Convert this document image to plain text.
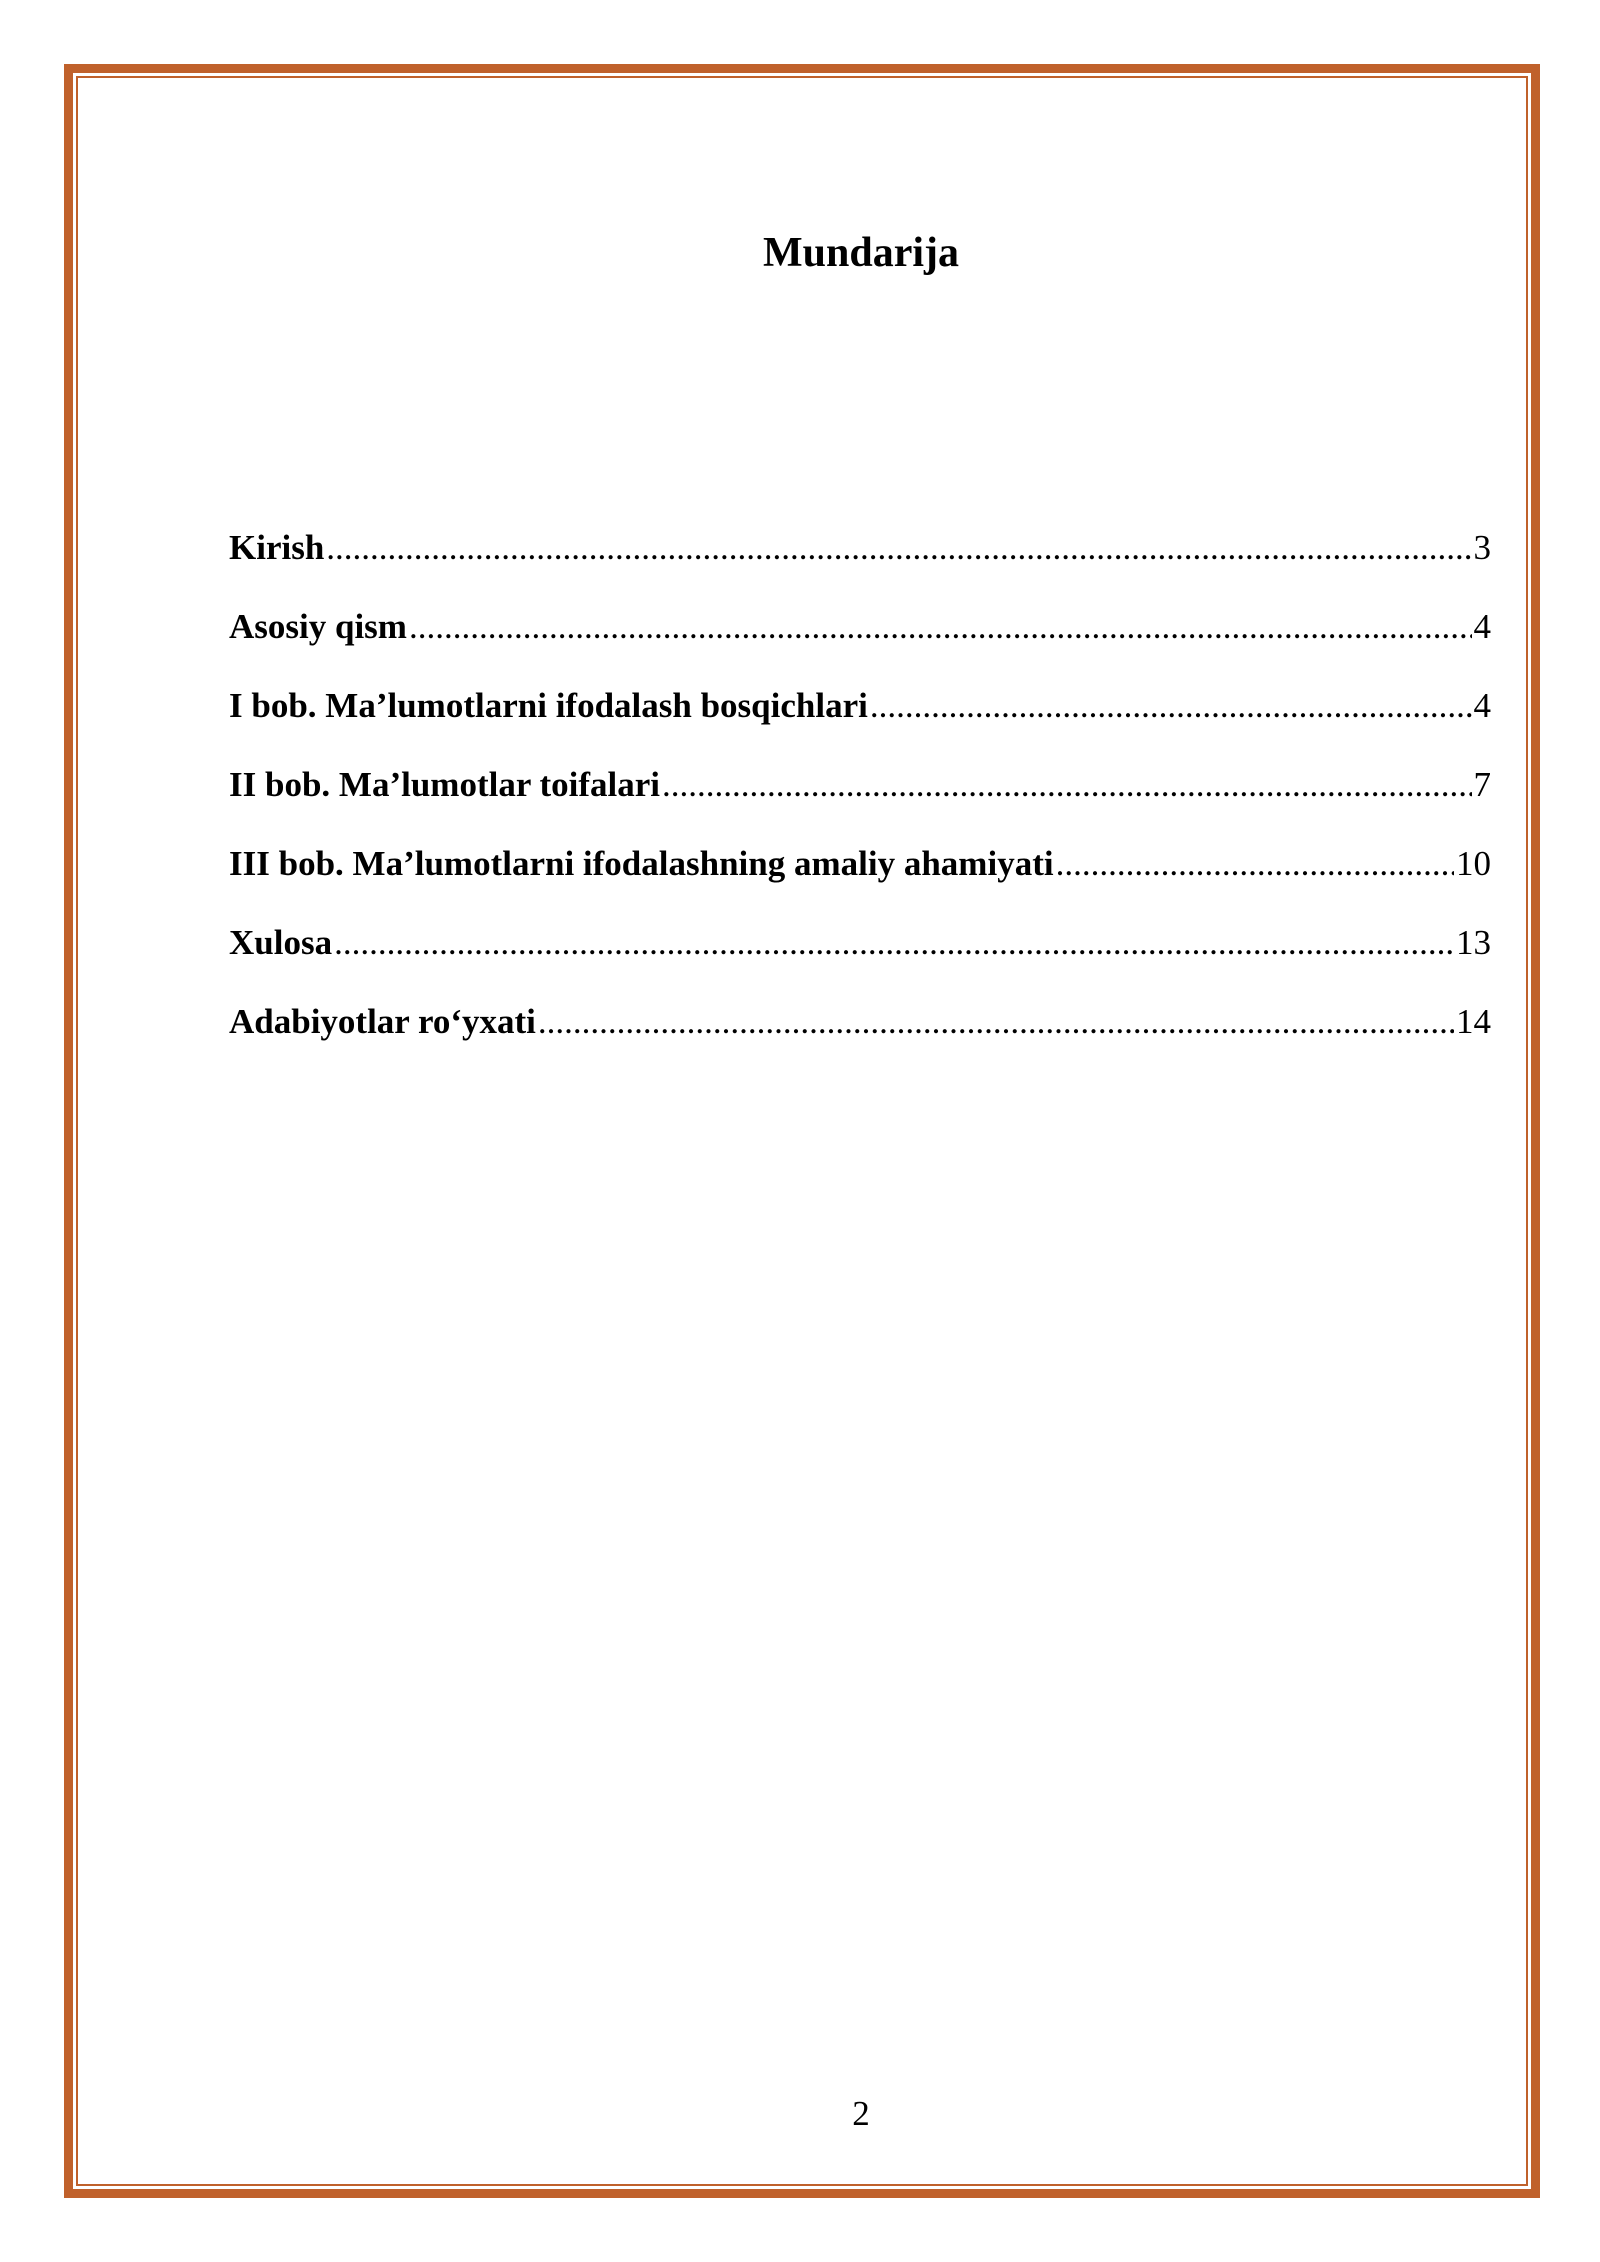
Mundarija
Kirish .....	3
Asosiy qism .....	4
I bob. Ma’lumotlarni ifodalash bosqichlari .....	4
II bob. Ma’lumotlar toifalari .....	7
III bob. Ma’lumotlarni ifodalashning amaliy ahamiyati .....	10
Xulosa .....	13
Adabiyotlar ro‘yxati .....	14
2
